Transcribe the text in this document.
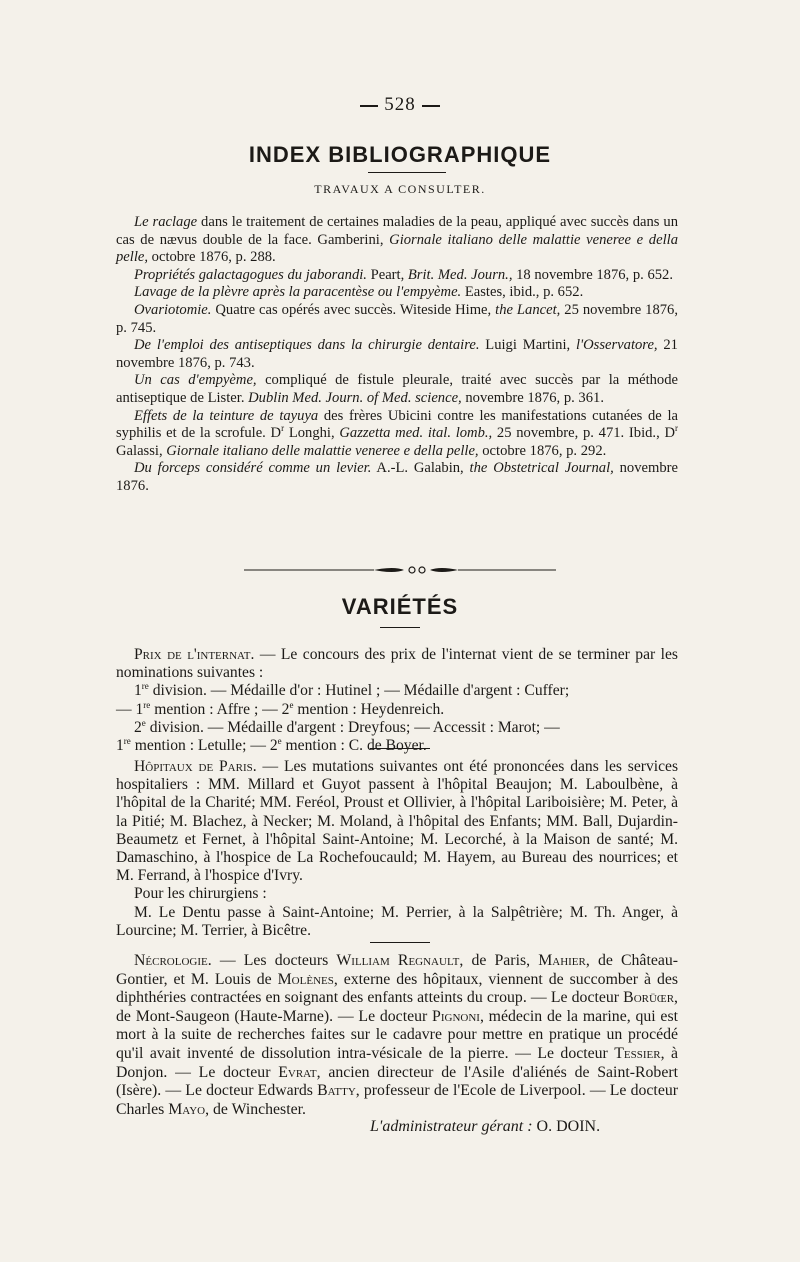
528
INDEX BIBLIOGRAPHIQUE
TRAVAUX A CONSULTER.

Le raclage dans le traitement de certaines maladies de la peau, appliqué avec succès dans un cas de nævus double de la face. Gamberini, Giornale italiano delle malattie veneree e della pelle, octobre 1876, p. 288.

Propriétés galactagogues du jaborandi. Peart, Brit. Med. Journ., 18 novembre 1876, p. 652.

Lavage de la plèvre après la paracentèse ou l'empyème. Eastes, ibid., p. 652.

Ovariotomie. Quatre cas opérés avec succès. Witeside Hime, the Lancet, 25 novembre 1876, p. 745.

De l'emploi des antiseptiques dans la chirurgie dentaire. Luigi Martini, l'Osservatore, 21 novembre 1876, p. 743.

Un cas d'empyème, compliqué de fistule pleurale, traité avec succès par la méthode antiseptique de Lister. Dublin Med. Journ. of Med. science, novembre 1876, p. 361.

Effets de la teinture de tayuya des frères Ubicini contre les manifestations cutanées de la syphilis et de la scrofule. $D^r$ Longhi, Gazzetta med. ital. lomb., 25 novembre, p. 471. Ibid., $D^r$ Galassi, Giornale italiano delle malattie veneree e della pelle, octobre 1876, p. 292.

Du forceps considéré comme un levier. A.-L. Galabin, the Obstetrical Journal, novembre 1876.

VARIÉTÉS

Prix de l'internat. — Le concours des prix de l'internat vient de se terminer par les nominations suivantes :

1re division. — Médaille d'or : Hutinel ; — Médaille d'argent : Cuffer;

— 1re mention : Affre ; — 2e mention : Heydenreich.

2e division. — Médaille d'argent : Dreyfous; — Accessit : Marot; —

1re mention : Letulle; — 2e mention : C. de Boyer.

Hôpitaux de Paris. — Les mutations suivantes ont été prononcées dans les services hospitaliers : MM. Millard et Guyot passent à l'hôpital Beaujon; M. Laboulbène, à l'hôpital de la Charité; MM. Feréol, Proust et Ollivier, à l'hôpital Lariboisière; M. Peter, à la Pitié; M. Blachez, à Necker; M. Moland, à l'hôpital des Enfants; MM. Ball, Dujardin-Beaumetz et Fernet, à l'hôpital Saint-Antoine; M. Lecorché, à la Maison de santé; M. Damaschino, à l'hospice de La Rochefoucauld; M. Hayem, au Bureau des nourrices; et M. Ferrand, à l'hospice d'Ivry.

Pour les chirurgiens :

M. Le Dentu passe à Saint-Antoine; M. Perrier, à la Salpêtrière; M. Th. Anger, à Lourcine; M. Terrier, à Bicêtre.

Nécrologie. — Les docteurs William Regnault, de Paris, Mahier, de Château-Gontier, et M. Louis de Molènes, externe des hôpitaux, viennent de succomber à des diphthéries contractées en soignant des enfants atteints du croup. — Le docteur Borüœr, de Mont-Saugeon (Haute-Marne). — Le docteur Pignoni, médecin de la marine, qui est mort à la suite de recherches faites sur le cadavre pour mettre en pratique un procédé qu'il avait inventé de dissolution intra-vésicale de la pierre. — Le docteur Tessier, à Donjon. — Le docteur Evrat, ancien directeur de l'Asile d'aliénés de Saint-Robert (Isère). — Le docteur Edwards Batty, professeur de l'Ecole de Liverpool. — Le docteur Charles Mayo, de Winchester.

L'administrateur gérant : O. DOIN.
